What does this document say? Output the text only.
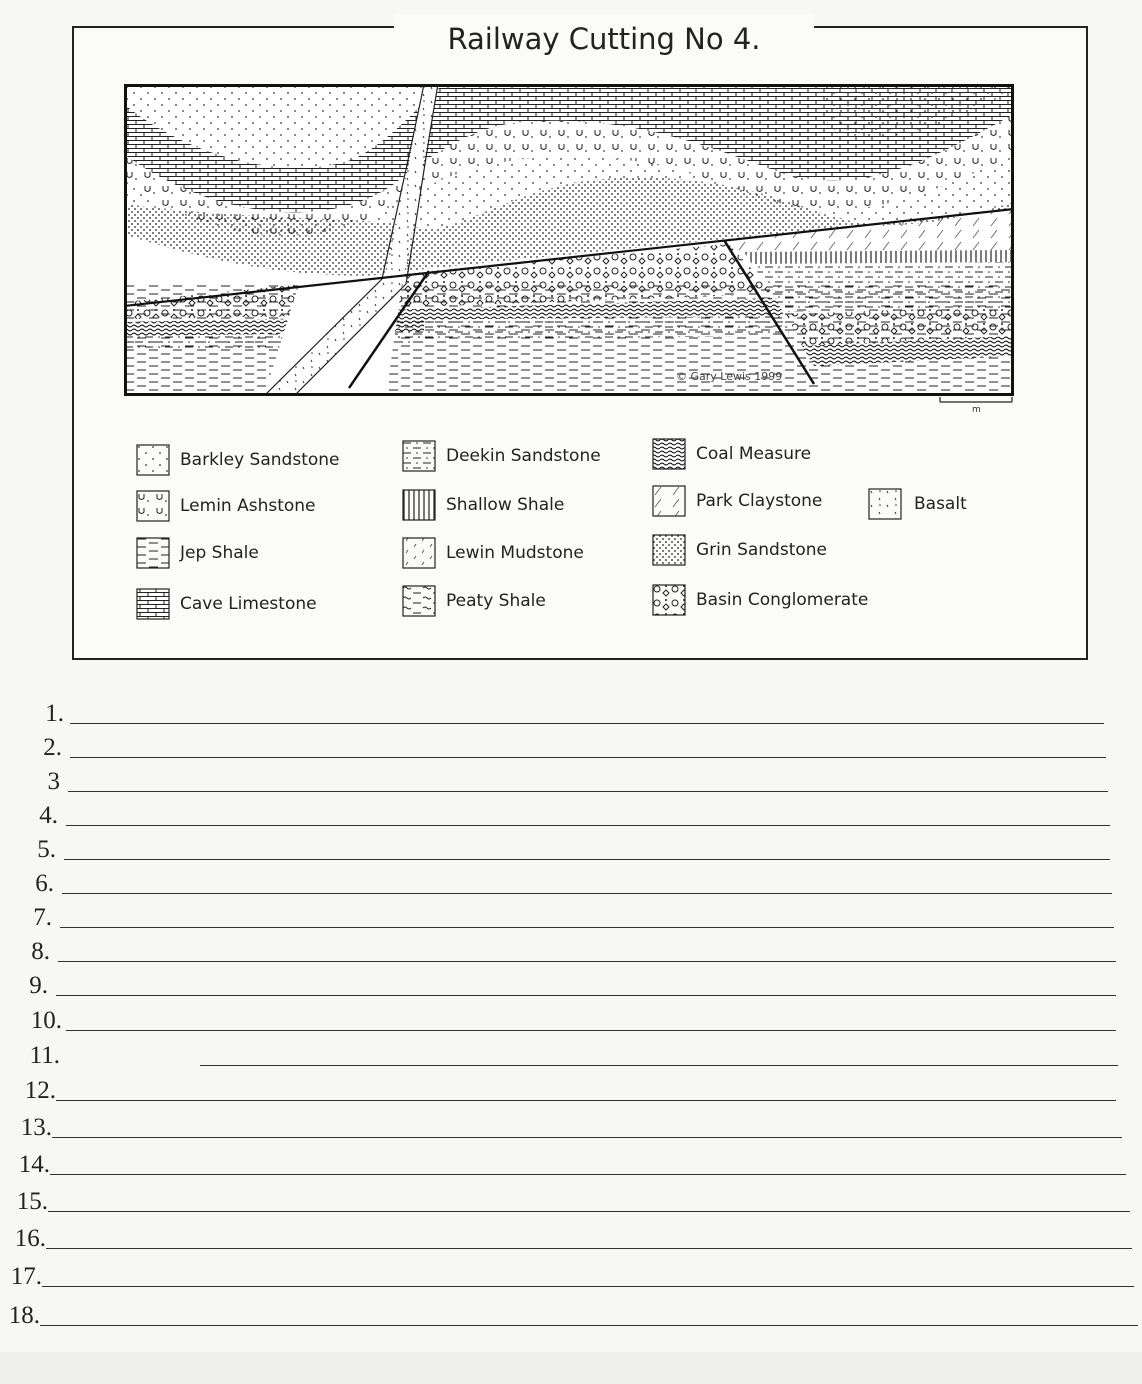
Railway Cutting No 4.
© Gary Lewis 1999
m
Barkley Sandstone
Lemin Ashstone
Jep Shale
Cave Limestone
Deekin Sandstone
Shallow Shale
Lewin Mudstone
Peaty Shale
Coal Measure
Park Claystone
Grin Sandstone
Basin Conglomerate
Basalt
1.
2.
3
4.
5.
6.
7.
8.
9.
10.
11.
12.
13.
14.
15.
16.
17.
18.
